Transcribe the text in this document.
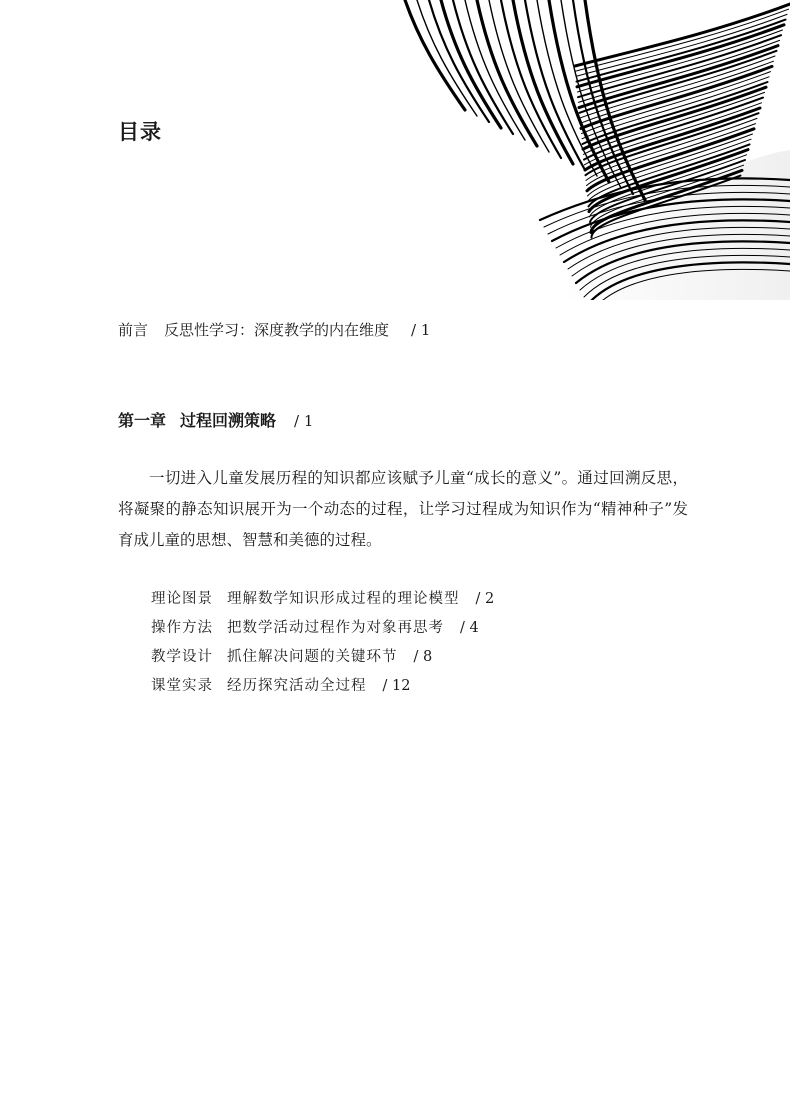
目录
前言 反思性学习：深度教学的内在维度 / 1
第一章 过程回溯策略 / 1

一切进入儿童发展历程的知识都应该赋予儿童“成长的意义”。通过回溯反思，将凝聚的静态知识展开为一个动态的过程，让学习过程成为知识作为“精神种子”发育成儿童的思想、智慧和美德的过程。

理论图景 理解数学知识形成过程的理论模型 / 2
操作方法 把数学活动过程作为对象再思考 / 4
教学设计 抓住解决问题的关键环节 / 8
课堂实录 经历探究活动全过程 / 12
